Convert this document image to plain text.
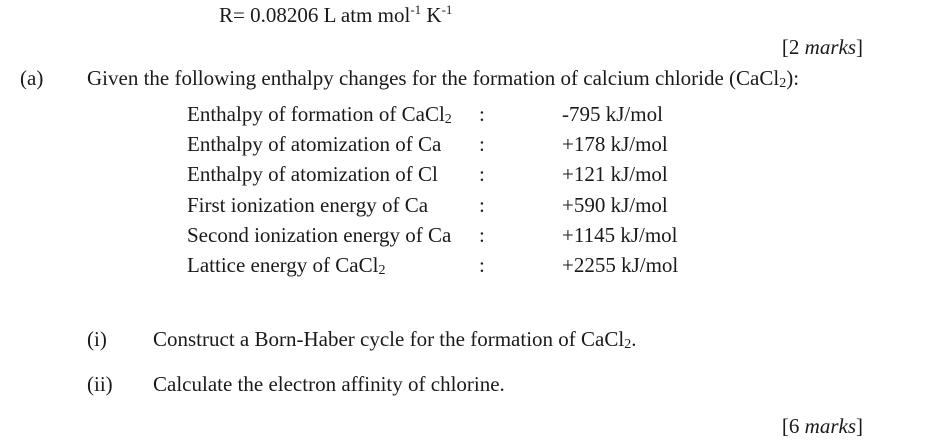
R= 0.08206 L atm mol$^{-1}$ $K^{-1}$
[2 marks]
(a) Given the following enthalpy changes for the formation of calcium chloride (CaCl$_2$):
Enthalpy of formation of CaCl$_2$ :	-795 kJ/mol
Enthalpy of atomization of Ca :	+178 kJ/mol
Enthalpy of atomization of Cl :	+121 kJ/mol
First ionization energy of Ca :	+590 kJ/mol
Second ionization energy of Ca :	+1145 kJ/mol
Lattice energy of CaCl$_2$	:	+2255 kJ/mol
(i) Construct a Born-Haber cycle for the formation of CaCl$_2$.
(ii) Calculate the electron affinity of chlorine.
[6 marks]
